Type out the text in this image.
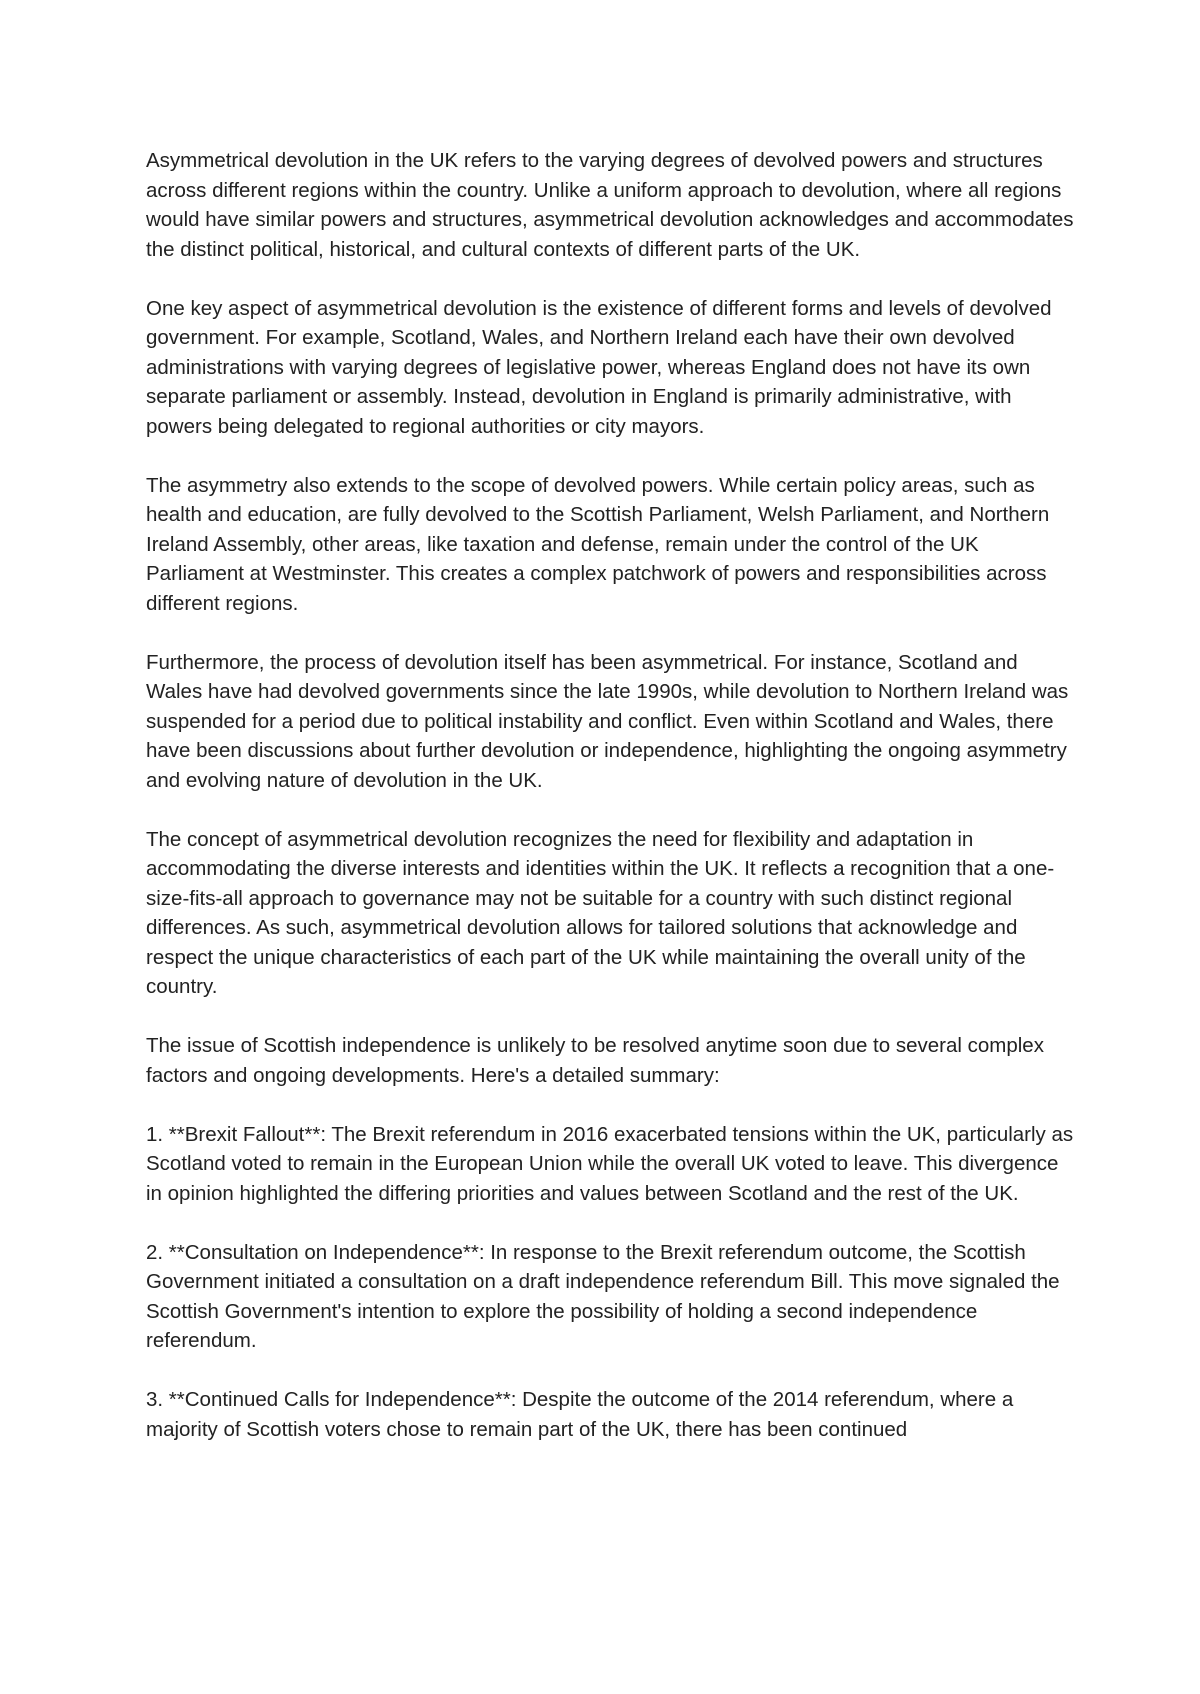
Asymmetrical devolution in the UK refers to the varying degrees of devolved powers and structures across different regions within the country. Unlike a uniform approach to devolution, where all regions would have similar powers and structures, asymmetrical devolution acknowledges and accommodates the distinct political, historical, and cultural contexts of different parts of the UK.

One key aspect of asymmetrical devolution is the existence of different forms and levels of devolved government. For example, Scotland, Wales, and Northern Ireland each have their own devolved administrations with varying degrees of legislative power, whereas England does not have its own separate parliament or assembly. Instead, devolution in England is primarily administrative, with powers being delegated to regional authorities or city mayors.

The asymmetry also extends to the scope of devolved powers. While certain policy areas, such as health and education, are fully devolved to the Scottish Parliament, Welsh Parliament, and Northern Ireland Assembly, other areas, like taxation and defense, remain under the control of the UK Parliament at Westminster. This creates a complex patchwork of powers and responsibilities across different regions.

Furthermore, the process of devolution itself has been asymmetrical. For instance, Scotland and Wales have had devolved governments since the late 1990s, while devolution to Northern Ireland was suspended for a period due to political instability and conflict. Even within Scotland and Wales, there have been discussions about further devolution or independence, highlighting the ongoing asymmetry and evolving nature of devolution in the UK.

The concept of asymmetrical devolution recognizes the need for flexibility and adaptation in accommodating the diverse interests and identities within the UK. It reflects a recognition that a one-size-fits-all approach to governance may not be suitable for a country with such distinct regional differences. As such, asymmetrical devolution allows for tailored solutions that acknowledge and respect the unique characteristics of each part of the UK while maintaining the overall unity of the country.

The issue of Scottish independence is unlikely to be resolved anytime soon due to several complex factors and ongoing developments. Here's a detailed summary:

1. **Brexit Fallout**: The Brexit referendum in 2016 exacerbated tensions within the UK, particularly as Scotland voted to remain in the European Union while the overall UK voted to leave. This divergence in opinion highlighted the differing priorities and values between Scotland and the rest of the UK.

2. **Consultation on Independence**: In response to the Brexit referendum outcome, the Scottish Government initiated a consultation on a draft independence referendum Bill. This move signaled the Scottish Government's intention to explore the possibility of holding a second independence referendum.

3. **Continued Calls for Independence**: Despite the outcome of the 2014 referendum, where a majority of Scottish voters chose to remain part of the UK, there has been continued
